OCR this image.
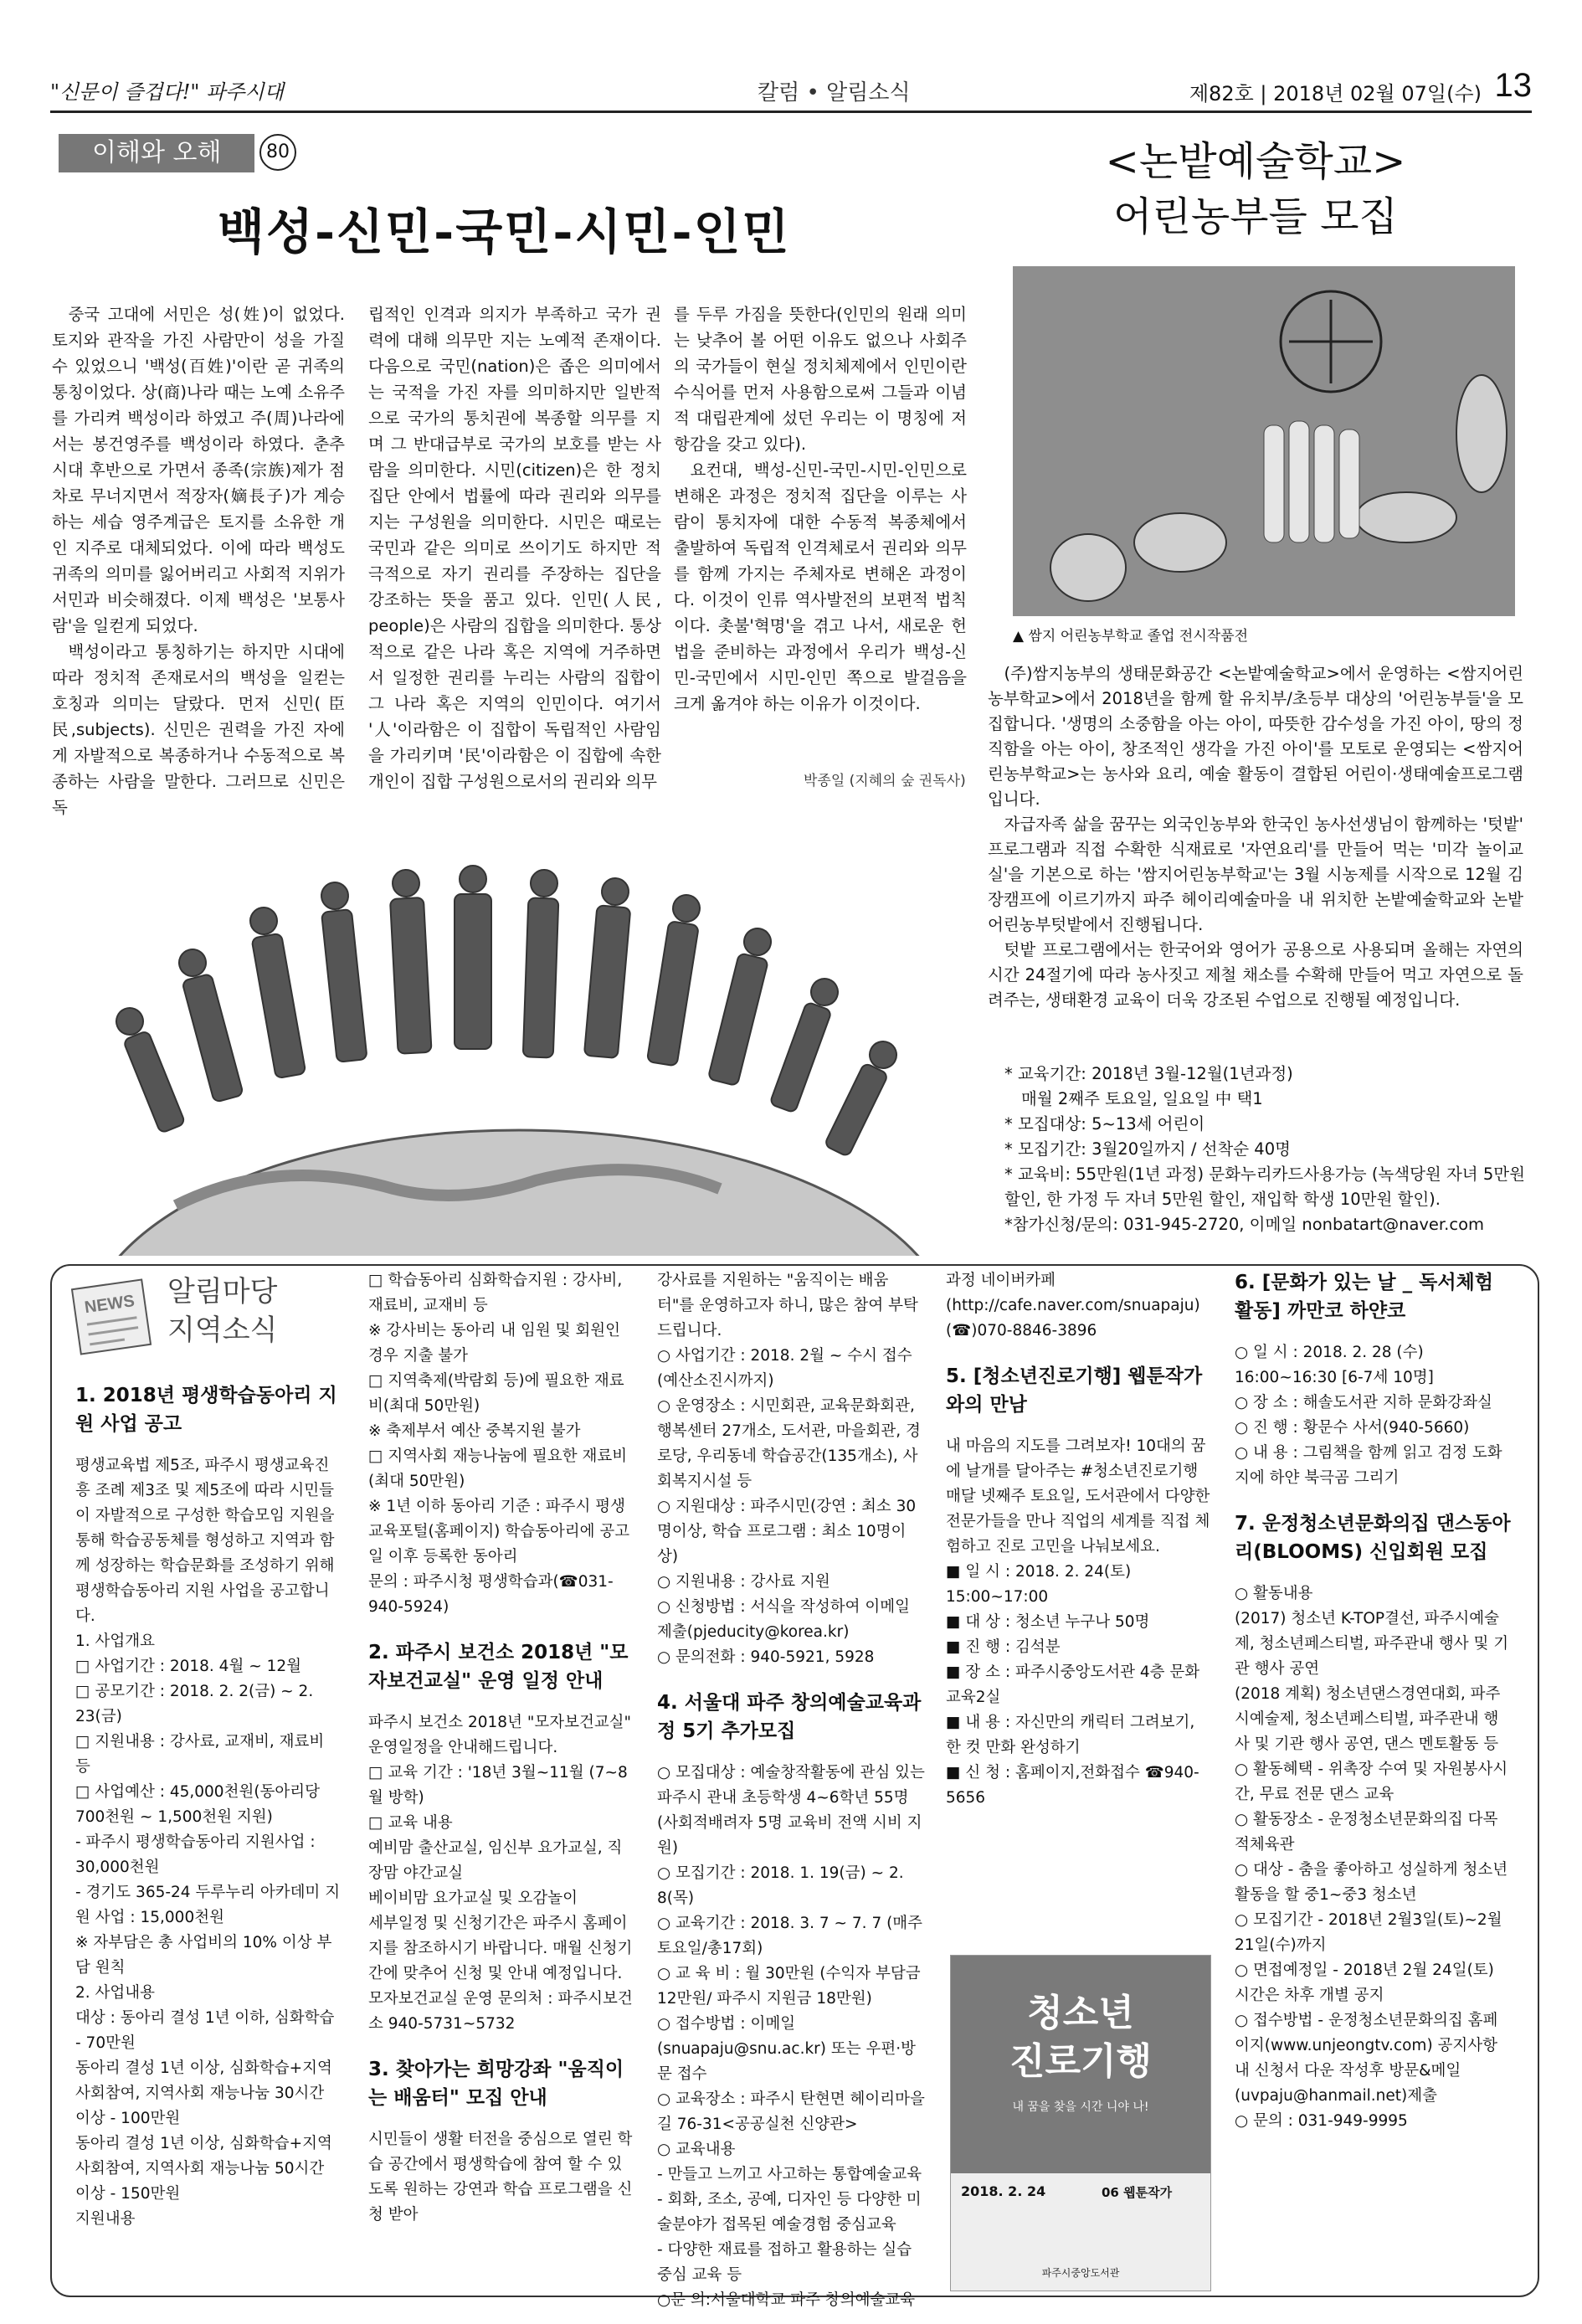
"신문이 즐겁다!" 파주시대	칼럼 • 알림소식	제82호 | 2018년 02월 07일(수) 13
이해와 오해	80
백성-신민-국민-시민-인민

중국 고대에 서민은 성(姓)이 없었다. 토지와 관작을 가진 사람만이 성을 가질 수 있었으니 '백성(百姓)'이란 곧 귀족의 통칭이었다. 상(商)나라 때는 노예 소유주를 가리켜 백성이라 하였고 주(周)나라에서는 봉건영주를 백성이라 하였다. 춘추시대 후반으로 가면서 종족(宗族)제가 점차로 무너지면서 적장자(嫡長子)가 계승하는 세습 영주계급은 토지를 소유한 개인 지주로 대체되었다. 이에 따라 백성도 귀족의 의미를 잃어버리고 사회적 지위가 서민과 비슷해졌다. 이제 백성은 '보통사람'을 일컫게 되었다.

백성이라고 통칭하기는 하지만 시대에 따라 정치적 존재로서의 백성을 일컫는 호칭과 의미는 달랐다. 먼저 신민(臣民,subjects). 신민은 권력을 가진 자에게 자발적으로 복종하거나 수동적으로 복종하는 사람을 말한다. 그러므로 신민은 독

립적인 인격과 의지가 부족하고 국가 권력에 대해 의무만 지는 노예적 존재이다. 다음으로 국민(nation)은 좁은 의미에서는 국적을 가진 자를 의미하지만 일반적으로 국가의 통치권에 복종할 의무를 지며 그 반대급부로 국가의 보호를 받는 사람을 의미한다. 시민(citizen)은 한 정치집단 안에서 법률에 따라 권리와 의무를 지는 구성원을 의미한다. 시민은 때로는 국민과 같은 의미로 쓰이기도 하지만 적극적으로 자기 권리를 주장하는 집단을 강조하는 뜻을 품고 있다. 인민(人民, people)은 사람의 집합을 의미한다. 통상적으로 같은 나라 혹은 지역에 거주하면서 일정한 권리를 누리는 사람의 집합이 그 나라 혹은 지역의 인민이다. 여기서 '人'이라함은 이 집합이 독립적인 사람임을 가리키며 '民'이라함은 이 집합에 속한 개인이 집합 구성원으로서의 권리와 의무

를 두루 가짐을 뜻한다(인민의 원래 의미는 낮추어 볼 어떤 이유도 없으나 사회주의 국가들이 현실 정치체제에서 인민이란 수식어를 먼저 사용함으로써 그들과 이념적 대립관계에 섰던 우리는 이 명칭에 저항감을 갖고 있다).

요컨대, 백성-신민-국민-시민-인민으로 변해온 과정은 정치적 집단을 이루는 사람이 통치자에 대한 수동적 복종체에서 출발하여 독립적 인격체로서 권리와 의무를 함께 가지는 주체자로 변해온 과정이다. 이것이 인류 역사발전의 보편적 법칙이다. 촛불'혁명'을 겪고 나서, 새로운 헌법을 준비하는 과정에서 우리가 백성-신민-국민에서 시민-인민 쪽으로 발걸음을 크게 옮겨야 하는 이유가 이것이다.

박종일 (지혜의 숲 권독사)
<논밭예술학교>
어린농부들 모집
▲ 쌈지 어린농부학교 졸업 전시작품전

(주)쌈지농부의 생태문화공간 <논밭예술학교>에서 운영하는 <쌈지어린농부학교>에서 2018년을 함께 할 유치부/초등부 대상의 '어린농부들'을 모집합니다. '생명의 소중함을 아는 아이, 따뜻한 감수성을 가진 아이, 땅의 정직함을 아는 아이, 창조적인 생각을 가진 아이'를 모토로 운영되는 <쌈지어린농부학교>는 농사와 요리, 예술 활동이 결합된 어린이·생태예술프로그램입니다.

자급자족 삶을 꿈꾸는 외국인농부와 한국인 농사선생님이 함께하는 '텃밭' 프로그램과 직접 수확한 식재료로 '자연요리'를 만들어 먹는 '미각 놀이교실'을 기본으로 하는 '쌈지어린농부학교'는 3월 시농제를 시작으로 12월 김장캠프에 이르기까지 파주 헤이리예술마을 내 위치한 논밭예술학교와 논밭어린농부텃밭에서 진행됩니다.

텃밭 프로그램에서는 한국어와 영어가 공용으로 사용되며 올해는 자연의 시간 24절기에 따라 농사짓고 제철 채소를 수확해 만들어 먹고 자연으로 돌려주는, 생태환경 교육이 더욱 강조된 수업으로 진행될 예정입니다.

* 교육기간: 2018년 3월-12월(1년과정)
매월 2째주 토요일, 일요일 中 택1
* 모집대상: 5~13세 어린이
* 모집기간: 3월20일까지 / 선착순 40명
* 교육비: 55만원(1년 과정) 문화누리카드사용가능 (녹색당원 자녀 5만원 할인, 한 가정 두 자녀 5만원 할인, 재입학 학생 10만원 할인).
*참가신청/문의: 031-945-2720, 이메일 nonbatart@naver.com
NEWS 알림마당
지역소식
1. 2018년 평생학습동아리 지원 사업 공고
평생교육법 제5조, 파주시 평생교육진흥 조례 제3조 및 제5조에 따라 시민들이 자발적으로 구성한 학습모임 지원을 통해 학습공동체를 형성하고 지역과 함께 성장하는 학습문화를 조성하기 위해 평생학습동아리 지원 사업을 공고합니다.
1. 사업개요
□ 사업기간 : 2018. 4월 ~ 12월
□ 공모기간 : 2018. 2. 2(금) ~ 2. 23(금)
□ 지원내용 : 강사료, 교재비, 재료비 등
□ 사업예산 : 45,000천원(동아리당 700천원 ~ 1,500천원 지원)
- 파주시 평생학습동아리 지원사업 : 30,000천원
- 경기도 365-24 두루누리 아카데미 지원 사업 : 15,000천원
※ 자부담은 총 사업비의 10% 이상 부담 원칙
2. 사업내용
대상 : 동아리 결성 1년 이하, 심화학습 - 70만원
동아리 결성 1년 이상, 심화학습+지역사회참여, 지역사회 재능나눔 30시간 이상 - 100만원
동아리 결성 1년 이상, 심화학습+지역사회참여, 지역사회 재능나눔 50시간 이상 - 150만원
지원내용
□ 학습동아리 심화학습지원 : 강사비, 재료비, 교재비 등
※ 강사비는 동아리 내 임원 및 회원인 경우 지출 불가
□ 지역축제(박람회 등)에 필요한 재료비(최대 50만원)
※ 축제부서 예산 중복지원 불가
□ 지역사회 재능나눔에 필요한 재료비(최대 50만원)
※ 1년 이하 동아리 기준 : 파주시 평생교육포털(홈페이지) 학습동아리에 공고일 이후 등록한 동아리
문의 : 파주시청 평생학습과(☎031-940-5924)
2. 파주시 보건소 2018년 "모자보건교실" 운영 일정 안내
파주시 보건소 2018년 "모자보건교실" 운영일정을 안내해드립니다.
□ 교육 기간 : '18년 3월~11월 (7~8월 방학)
□ 교육 내용
예비맘 출산교실, 임신부 요가교실, 직장맘 야간교실
베이비맘 요가교실 및 오감놀이
세부일정 및 신청기간은 파주시 홈페이지를 참조하시기 바랍니다. 매월 신청기간에 맞추어 신청 및 안내 예정입니다.
모자보건교실 운영 문의처 : 파주시보건소 940-5731~5732
3. 찾아가는 희망강좌 "움직이는 배움터" 모집 안내
시민들이 생활 터전을 중심으로 열린 학습 공간에서 평생학습에 참여 할 수 있도록 원하는 강연과 학습 프로그램을 신청 받아
강사료를 지원하는 "움직이는 배움터"를 운영하고자 하니, 많은 참여 부탁드립니다.
○ 사업기간 : 2018. 2월 ~ 수시 접수(예산소진시까지)
○ 운영장소 : 시민회관, 교육문화회관, 행복센터 27개소, 도서관, 마을회관, 경로당, 우리동네 학습공간(135개소), 사회복지시설 등
○ 지원대상 : 파주시민(강연 : 최소 30명이상, 학습 프로그램 : 최소 10명이상)
○ 지원내용 : 강사료 지원
○ 신청방법 : 서식을 작성하여 이메일 제출(pjeducity@korea.kr)
○ 문의전화 : 940-5921, 5928
4. 서울대 파주 창의예술교육과정 5기 추가모집
○ 모집대상 : 예술창작활동에 관심 있는 파주시 관내 초등학생 4~6학년 55명 (사회적배려자 5명 교육비 전액 시비 지원)
○ 모집기간 : 2018. 1. 19(금) ~ 2. 8(목)
○ 교육기간 : 2018. 3. 7 ~ 7. 7 (매주 토요일/총17회)
○ 교 육 비 : 월 30만원 (수익자 부담금 12만원/ 파주시 지원금 18만원)
○ 접수방법 : 이메일(snuapaju@snu.ac.kr) 또는 우편·방문 접수
○ 교육장소 : 파주시 탄현면 헤이리마을길 76-31<공공실천 신양관>
○ 교육내용
- 만들고 느끼고 사고하는 통합예술교육
- 회화, 조소, 공예, 디자인 등 다양한 미술분야가 접목된 예술경험 중심교육
- 다양한 재료를 접하고 활용하는 실습중심 교육 등
○문 의:서울대학교 파주 창의예술교육
과정 네이버카페(http://cafe.naver.com/snuapaju) (☎)070-8846-3896
5. [청소년진로기행] 웹툰작가와의 만남
내 마음의 지도를 그려보자! 10대의 꿈에 날개를 달아주는 #청소년진로기행 매달 넷째주 토요일, 도서관에서 다양한 전문가들을 만나 직업의 세계를 직접 체험하고 진로 고민을 나눠보세요.
■ 일 시 : 2018. 2. 24(토) 15:00~17:00
■ 대 상 : 청소년 누구나 50명
■ 진 행 : 김석분
■ 장 소 : 파주시중앙도서관 4층 문화교육2실
■ 내 용 : 자신만의 캐릭터 그려보기, 한 컷 만화 완성하기
■ 신 청 : 홈페이지,전화접수 ☎940-5656
청소년
진로기행
내 꿈을 찾을 시간 니야 나!
2018. 2. 24	06 웹툰작가
파주시중앙도서관
6. [문화가 있는 날 _ 독서체험활동] 까만코 하얀코
○ 일 시 : 2018. 2. 28 (수) 16:00~16:30 [6-7세 10명]
○ 장 소 : 해솔도서관 지하 문화강좌실
○ 진 행 : 황문수 사서(940-5660)
○ 내 용 : 그림책을 함께 읽고 검정 도화지에 하얀 북극곰 그리기
7. 운정청소년문화의집 댄스동아리(BLOOMS) 신입회원 모집
○ 활동내용
(2017) 청소년 K-TOP결선, 파주시예술제, 청소년페스티벌, 파주관내 행사 및 기관 행사 공연
(2018 계획) 청소년댄스경연대회, 파주시예술제, 청소년페스티벌, 파주관내 행사 및 기관 행사 공연, 댄스 멘토활동 등
○ 활동혜택 - 위촉장 수여 및 자원봉사시간, 무료 전문 댄스 교육
○ 활동장소 - 운정청소년문화의집 다목적체육관
○ 대상 - 춤을 좋아하고 성실하게 청소년활동을 할 중1~중3 청소년
○ 모집기간 - 2018년 2월3일(토)~2월21일(수)까지
○ 면접예정일 - 2018년 2월 24일(토) 시간은 차후 개별 공지
○ 접수방법 - 운정청소년문화의집 홈페이지(www.unjeongtv.com) 공지사항 내 신청서 다운 작성후 방문&메일(uvpaju@hanmail.net)제출
○ 문의 : 031-949-9995
